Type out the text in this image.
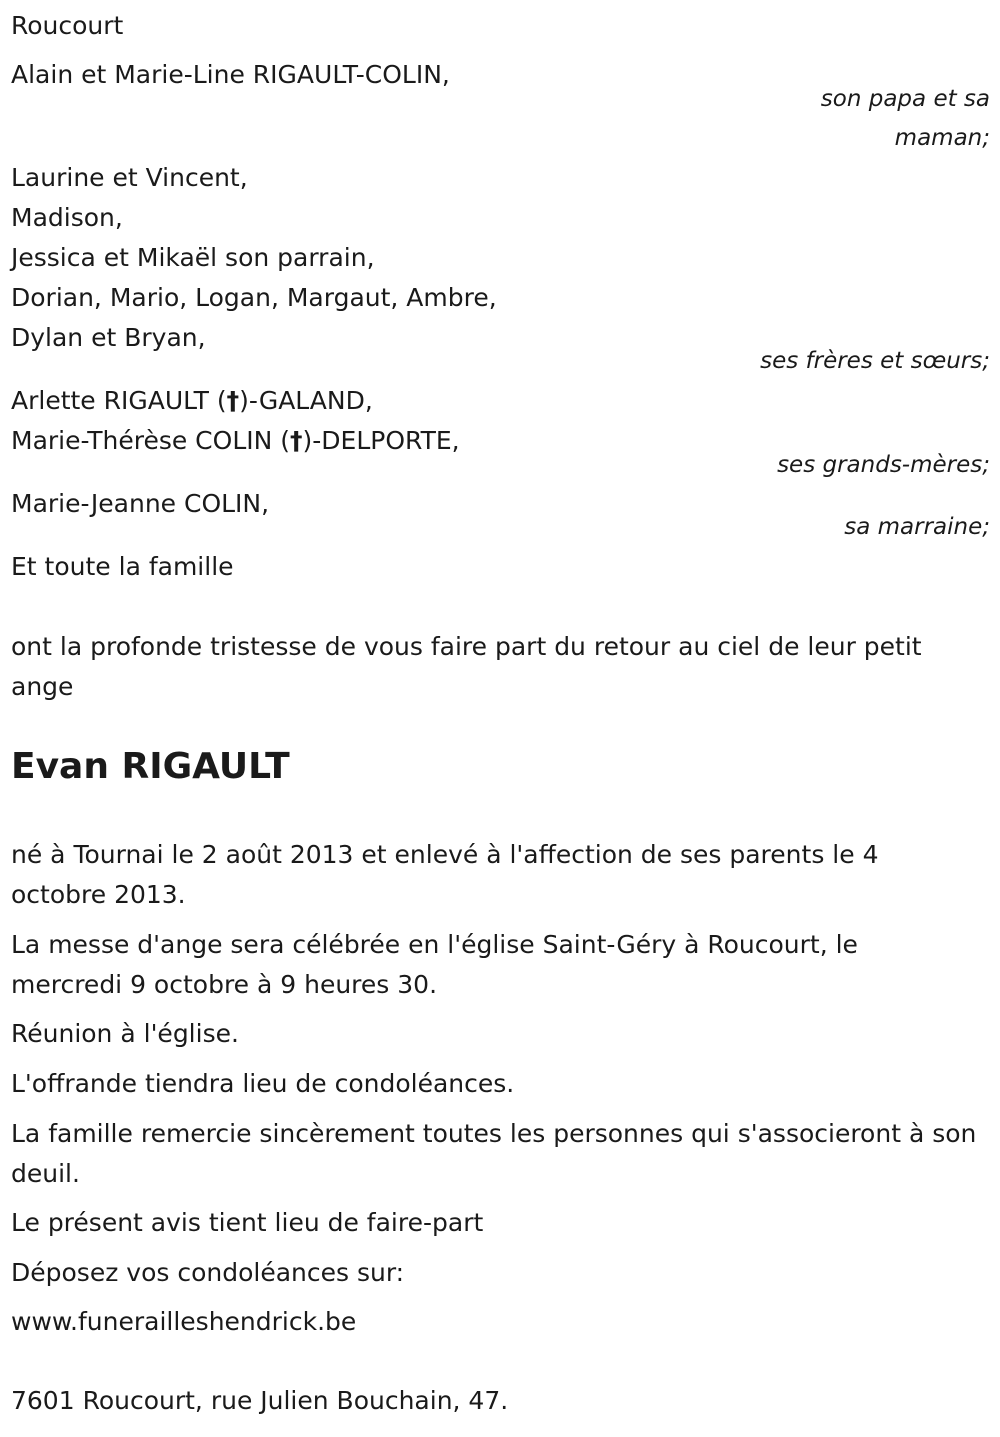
Roucourt
Alain et Marie-Line RIGAULT-COLIN,
son papa et sa
maman;
Laurine et Vincent,
Madison,
Jessica et Mikaël son parrain,
Dorian, Mario, Logan, Margaut, Ambre,
Dylan et Bryan,
ses frères et sœurs;
Arlette RIGAULT (†)-GALAND,
Marie-Thérèse COLIN (†)-DELPORTE,
ses grands-mères;
Marie-Jeanne COLIN,
sa marraine;
Et toute la famille
ont la profonde tristesse de vous faire part du retour au ciel de leur petit ange
Evan RIGAULT
né à Tournai le 2 août 2013 et enlevé à l'affection de ses parents le 4 octobre 2013.
La messe d'ange sera célébrée en l'église Saint-Géry à Roucourt, le mercredi 9 octobre à 9 heures 30.
Réunion à l'église.
L'offrande tiendra lieu de condoléances.
La famille remercie sincèrement toutes les personnes qui s'associeront à son deuil.
Le présent avis tient lieu de faire-part
Déposez vos condoléances sur:
www.funerailleshendrick.be
7601 Roucourt, rue Julien Bouchain, 47.
